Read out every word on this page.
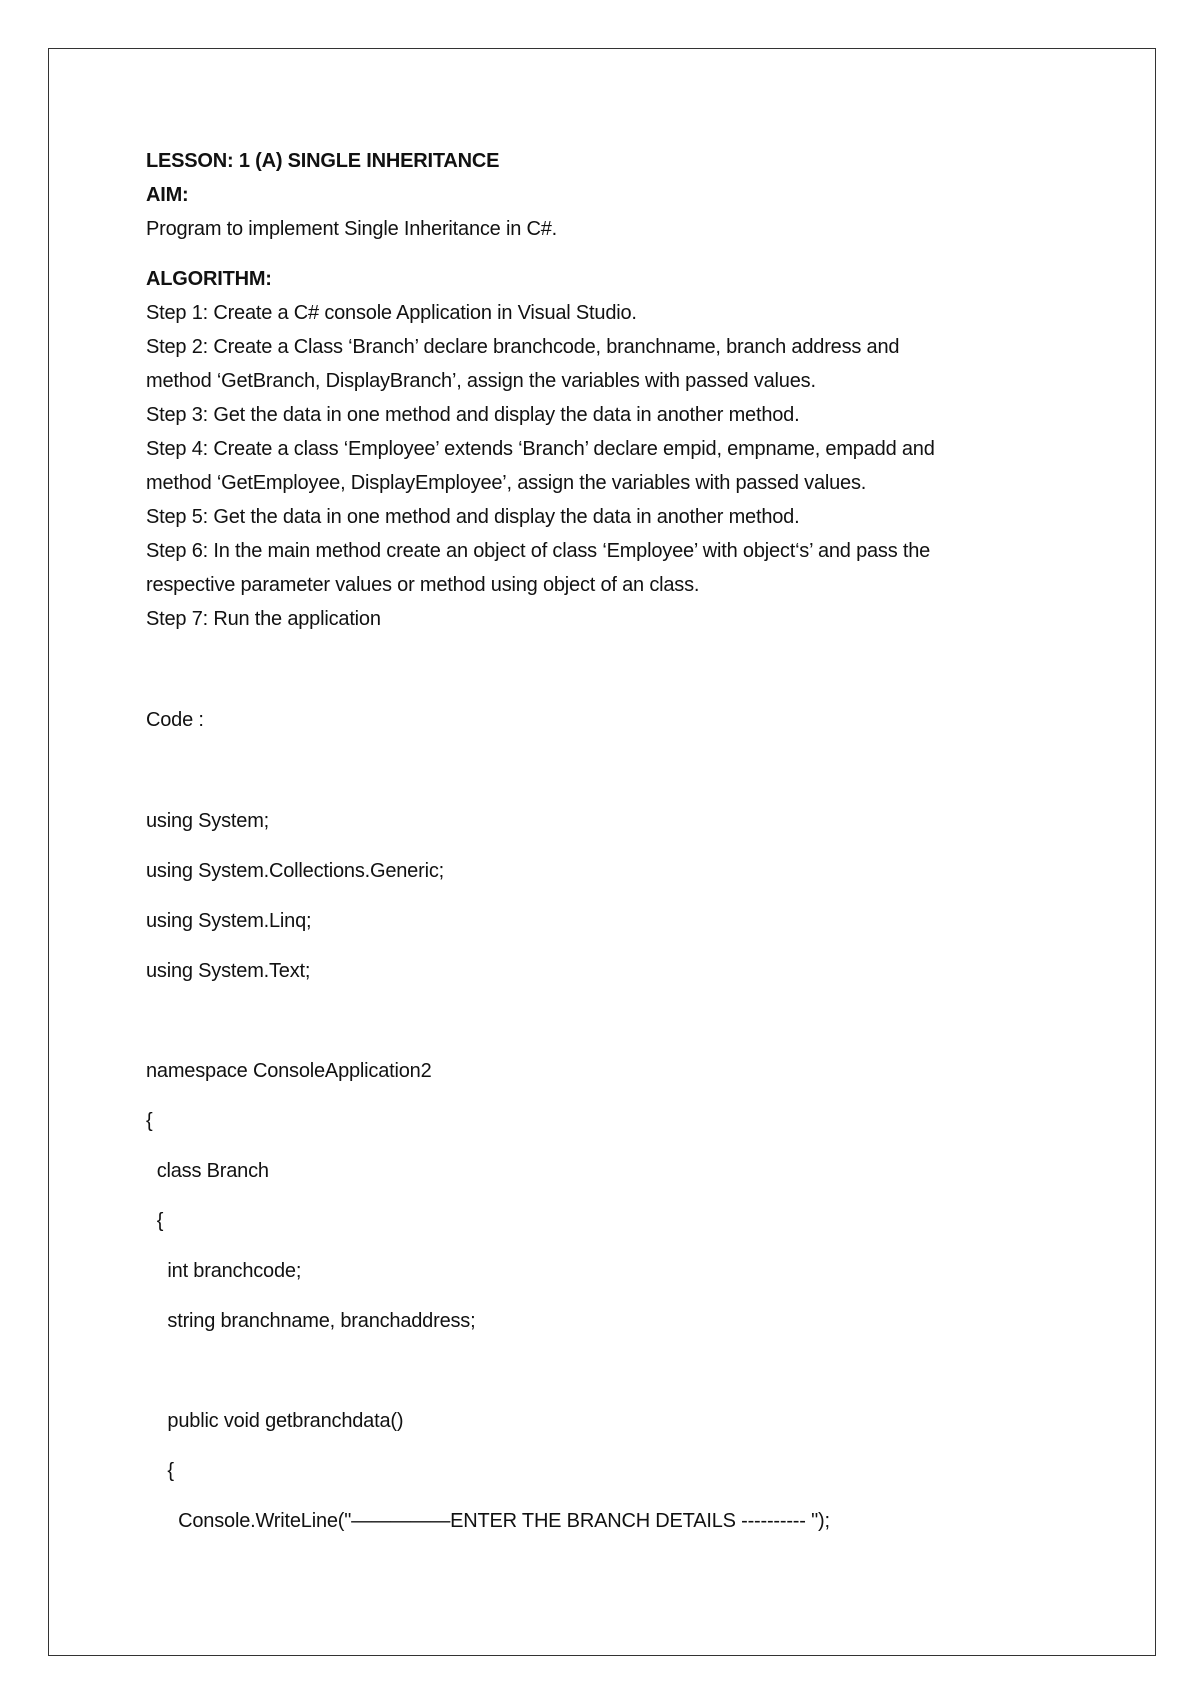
LESSON: 1 (A) SINGLE INHERITANCE
AIM:
Program to implement Single Inheritance in C#.
ALGORITHM:
Step 1: Create a C# console Application in Visual Studio.
Step 2: Create a Class ‘Branch’ declare branchcode, branchname, branch address and
method ‘GetBranch, DisplayBranch’, assign the variables with passed values.
Step 3: Get the data in one method and display the data in another method.
Step 4: Create a class ‘Employee’ extends ‘Branch’ declare empid, empname, empadd and
method ‘GetEmployee, DisplayEmployee’, assign the variables with passed values.
Step 5: Get the data in one method and display the data in another method.
Step 6: In the main method create an object of class ‘Employee’ with object‘s’ and pass the
respective parameter values or method using object of an class.
Step 7: Run the application
Code :
using System;
using System.Collections.Generic;
using System.Linq;
using System.Text;
namespace ConsoleApplication2
{
class Branch
{
int branchcode;
string branchname, branchaddress;
public void getbranchdata()
{
Console.WriteLine("—————ENTER THE BRANCH DETAILS ---------- ");
